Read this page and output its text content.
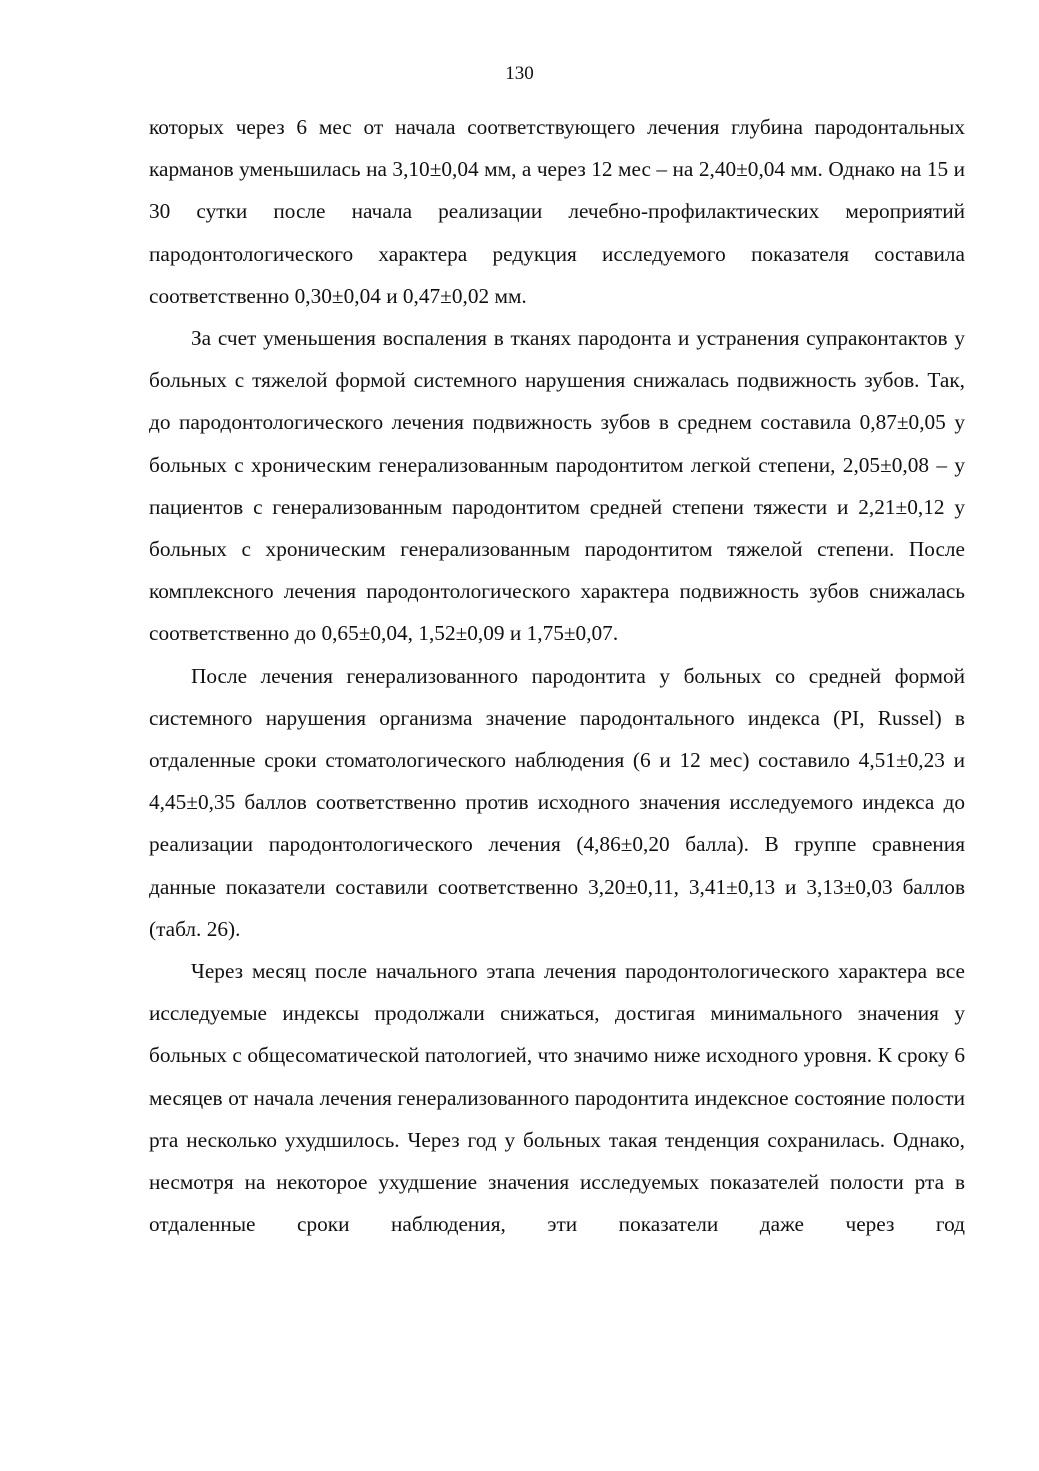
130

которых через 6 мес от начала соответствующего лечения глубина пародонтальных карманов уменьшилась на 3,10±0,04 мм, а через 12 мес – на 2,40±0,04 мм. Однако на 15 и 30 сутки после начала реализации лечебно-профилактических мероприятий пародонтологического характера редукция исследуемого показателя составила соответственно 0,30±0,04 и 0,47±0,02 мм.

За счет уменьшения воспаления в тканях пародонта и устранения супраконтактов у больных с тяжелой формой системного нарушения снижалась подвижность зубов. Так, до пародонтологического лечения подвижность зубов в среднем составила 0,87±0,05 у больных с хроническим генерализованным пародонтитом легкой степени, 2,05±0,08 – у пациентов с генерализованным пародонтитом средней степени тяжести и 2,21±0,12 у больных с хроническим генерализованным пародонтитом тяжелой степени. После комплексного лечения пародонтологического характера подвижность зубов снижалась соответственно до 0,65±0,04, 1,52±0,09 и 1,75±0,07.

После лечения генерализованного пародонтита у больных со средней формой системного нарушения организма значение пародонтального индекса (PI, Russel) в отдаленные сроки стоматологического наблюдения (6 и 12 мес) составило 4,51±0,23 и 4,45±0,35 баллов соответственно против исходного значения исследуемого индекса до реализации пародонтологического лечения (4,86±0,20 балла). В группе сравнения данные показатели составили соответственно 3,20±0,11, 3,41±0,13 и 3,13±0,03 баллов (табл. 26).

Через месяц после начального этапа лечения пародонтологического характера все исследуемые индексы продолжали снижаться, достигая минимального значения у больных с общесоматической патологией, что значимо ниже исходного уровня. К сроку 6 месяцев от начала лечения генерализованного пародонтита индексное состояние полости рта несколько ухудшилось. Через год у больных такая тенденция сохранилась. Однако, несмотря на некоторое ухудшение значения исследуемых показателей полости рта в отдаленные сроки наблюдения, эти показатели даже через год
